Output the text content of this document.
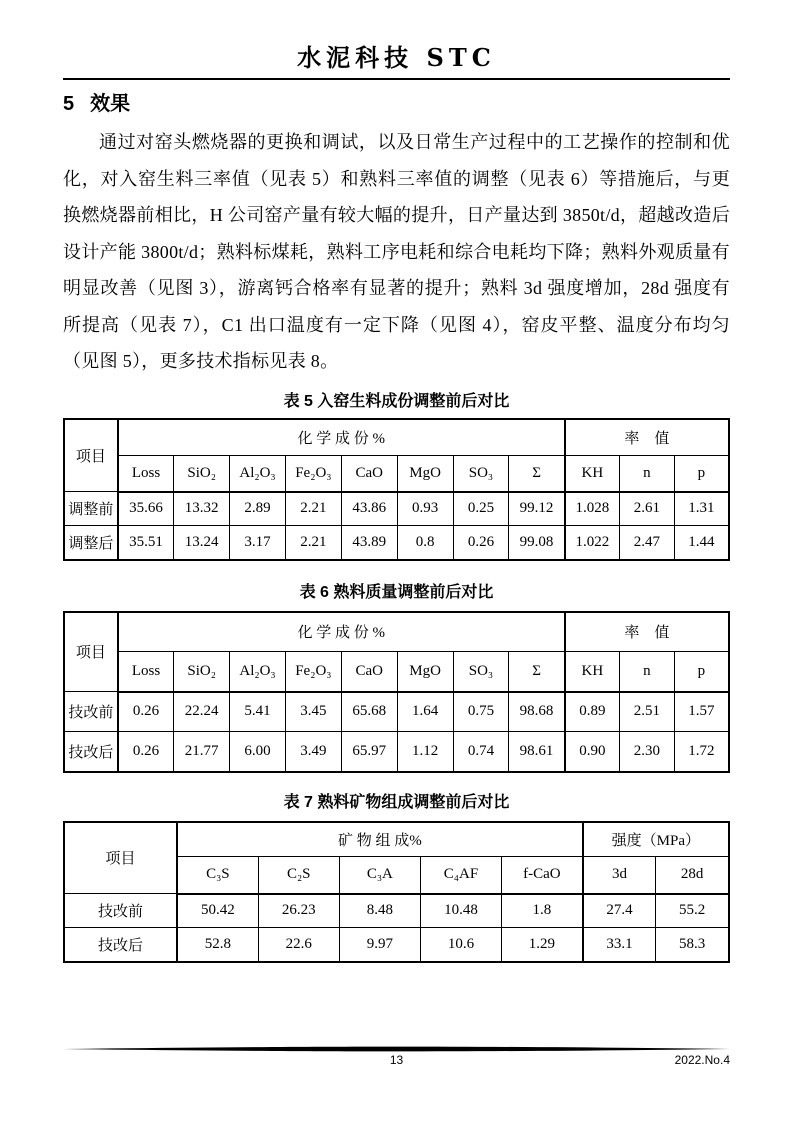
水泥科技 STC
5 效果

通过对窑头燃烧器的更换和调试，以及日常生产过程中的工艺操作的控制和优化，对入窑生料三率值（见表 5）和熟料三率值的调整（见表 6）等措施后，与更换燃烧器前相比，H 公司窑产量有较大幅的提升，日产量达到 3850t/d，超越改造后设计产能 3800t/d；熟料标煤耗，熟料工序电耗和综合电耗均下降；熟料外观质量有明显改善（见图 3），游离钙合格率有显著的提升；熟料 3d 强度增加，28d 强度有所提高（见表 7），C1 出口温度有一定下降（见图 4），窑皮平整、温度分布均匀（见图 5），更多技术指标见表 8。

表 5 入窑生料成份调整前后对比
项目	化 学 成 份 %								率　值		
	Loss	SiO₂	Al₂O₃	Fe₂O₃	CaO	MgO	SO₃	Σ	KH	n	p
调整前	35.66	13.32	2.89	2.21	43.86	0.93	0.25	99.12	1.028	2.61	1.31
调整后	35.51	13.24	3.17	2.21	43.89	0.8	0.26	99.08	1.022	2.47	1.44
表 6 熟料质量调整前后对比
项目	化 学 成 份 %								率　值		
	Loss	SiO₂	Al₂O₃	Fe₂O₃	CaO	MgO	SO₃	Σ	KH	n	p
技改前	0.26	22.24	5.41	3.45	65.68	1.64	0.75	98.68	0.89	2.51	1.57
技改后	0.26	21.77	6.00	3.49	65.97	1.12	0.74	98.61	0.90	2.30	1.72
表 7 熟料矿物组成调整前后对比
项目	矿 物 组 成%					强度（MPa）	
	C₃S	C₂S	C₃A	C₄AF	f-CaO	3d	28d
技改前	50.42	26.23	8.48	10.48	1.8	27.4	55.2
技改后	52.8	22.6	9.97	10.6	1.29	33.1	58.3
13	2022.No.4
